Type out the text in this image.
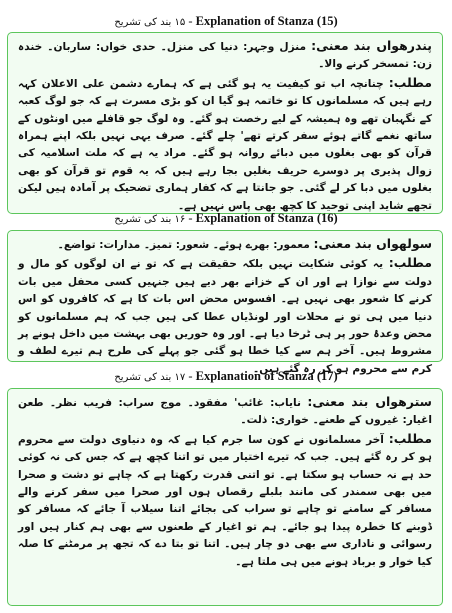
۱۵ بند کی تشریح - Explanation of Stanza (15)

پندرھواں بند معنی: منزل وجہر: دنیا کی منزل۔ حدی خواں: ساربان۔ خندہ زن: تمسخر کرنے والا۔

مطلب: چنانچہ اب تو کیفیت یہ ہو گئی ہے کہ ہمارے دشمن علی الاعلان کہہ رہے ہیں کہ مسلمانوں کا تو خاتمہ ہو گیا ان کو بڑی مسرت ہے کہ جو لوگ کعبہ کے نگہبان تھے وہ ہمیشہ کے لیے رخصت ہو گئے۔ وہ لوگ جو قافلے میں اونٹوں کے ساتھ نغمے گاتے ہوئے سفر کرتے تھے' چلے گئے۔ صرف یہی نہیں بلکہ اپنے ہمراہ قرآن کو بھی بغلوں میں دبائے روانہ ہو گئے۔ مراد یہ ہے کہ ملت اسلامیہ کی زوال پذیری پر دوسرے حریف بغلیں بجا رہے ہیں کہ یہ قوم تو قرآن کو بھی بغلوں میں دبا کر لے گئی۔ جو جانتا ہے کہ کفار ہماری تضحیک پر آمادہ ہیں لیکن تجھے شاید اپنی توحید کا کچھ بھی پاس نہیں ہے۔

۱۶ بند کی تشریح - Explanation of Stanza (16)

سولھواں بند معنی: معمور: بھرے ہوئے۔ شعور: تمیز۔ مدارات: تواضع۔

مطلب: یہ کوئی شکایت نہیں بلکہ حقیقت ہے کہ تو نے ان لوگوں کو مال و دولت سے نوازا ہے اور ان کے خزانے بھر دیے ہیں جنہیں کسی محفل میں بات کرنے کا شعور بھی نہیں ہے۔ افسوس محض اس بات کا ہے کہ کافروں کو اس دنیا میں ہی تو نے محلات اور لونڈیاں عطا کی ہیں جب کہ ہم مسلمانوں کو محض وعدۂ حور پر ہی ٹرخا دیا ہے۔ اور وہ حوریں بھی بہشت میں داخل ہونے پر مشروط ہیں۔ آخر ہم سے کیا خطا ہو گئی جو پہلے کی طرح ہم تیرے لطف و کرم سے محروم ہو کر رہ گئے ہیں۔

۱۷ بند کی تشریح - Explanation of Stanza (17)

سترھواں بند معنی: نایاب: غائب' مفقود۔ موج سراب: فریب نظر۔ طعن اغیار: غیروں کے طعنے۔ خواری: ذلت۔

مطلب: آخر مسلمانوں نے کون سا جرم کیا ہے کہ وہ دنیاوی دولت سے محروم ہو کر رہ گئے ہیں۔ جب کہ تیرے اختیار میں تو اتنا کچھ ہے کہ جس کی نہ کوئی حد ہے نہ حساب ہو سکتا ہے۔ تو اتنی قدرت رکھتا ہے کہ چاہے تو دشت و صحرا میں بھی سمندر کی مانند بلبلے رقصاں ہوں اور صحرا میں سفر کرنے والے مسافر کے سامنے تو چاہے تو سراب کی بجائے اتنا سیلاب آ جائے کہ مسافر کو ڈوبنے کا خطرہ پیدا ہو جائے۔ ہم تو اغیار کے طعنوں سے بھی ہم کنار ہیں اور رسوائی و ناداری سے بھی دو چار ہیں۔ اتنا تو بتا دے کہ تجھ پر مرمٹنے کا صلہ کیا خوار و برباد ہونے میں ہی ملتا ہے۔
